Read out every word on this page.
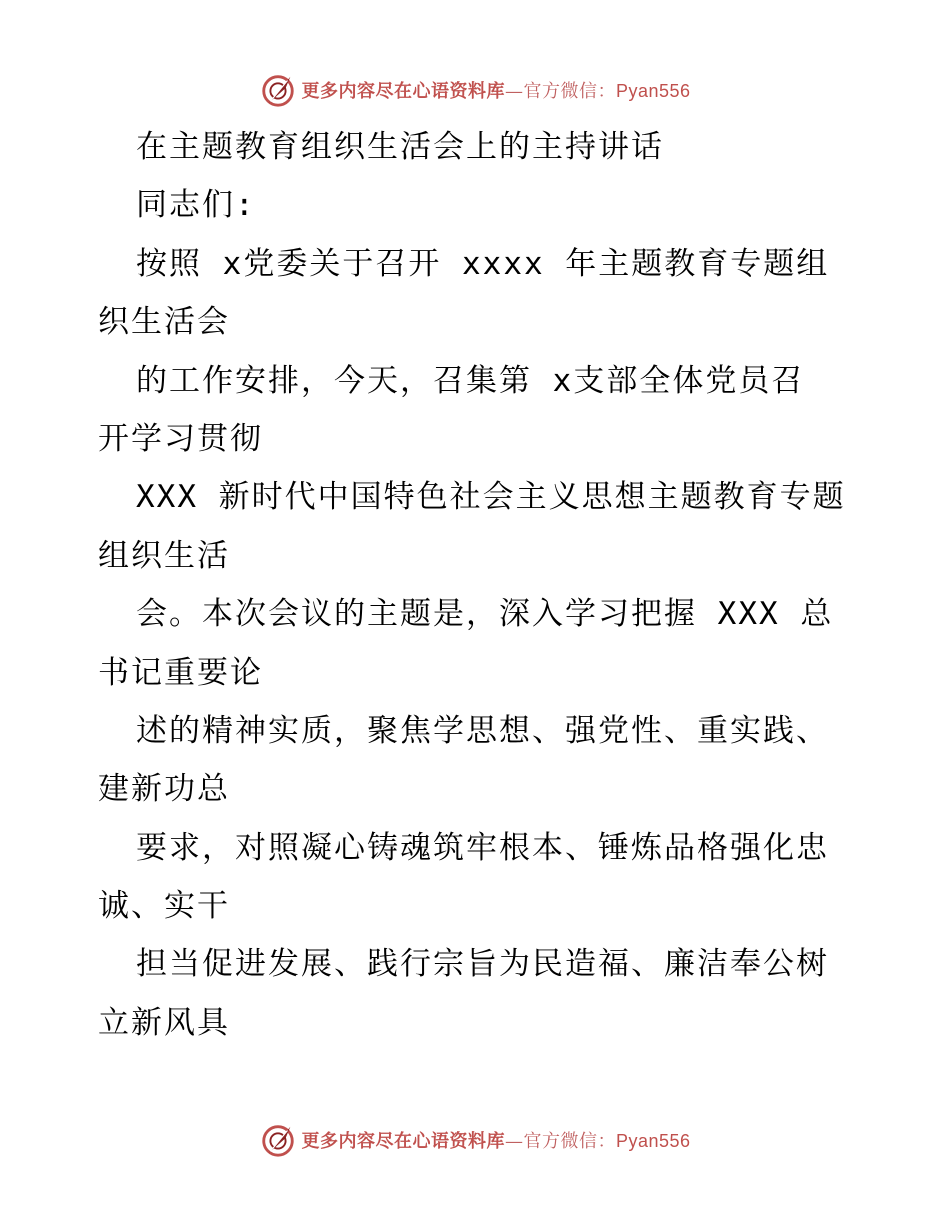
更多内容尽在心语资料库—官方微信：Pyan556

在主题教育组织生活会上的主持讲话

同志们:

按照 x党委关于召开 xxxx 年主题教育专题组

织生活会

的工作安排，今天，召集第 x支部全体党员召

开学习贯彻

XXX 新时代中国特色社会主义思想主题教育专题

组织生活

会。本次会议的主题是，深入学习把握 XXX 总

书记重要论

述的精神实质，聚焦学思想、强党性、重实践、

建新功总

要求，对照凝心铸魂筑牢根本、锤炼品格强化忠

诚、实干

担当促进发展、践行宗旨为民造福、廉洁奉公树

立新风具

更多内容尽在心语资料库—官方微信：Pyan556
